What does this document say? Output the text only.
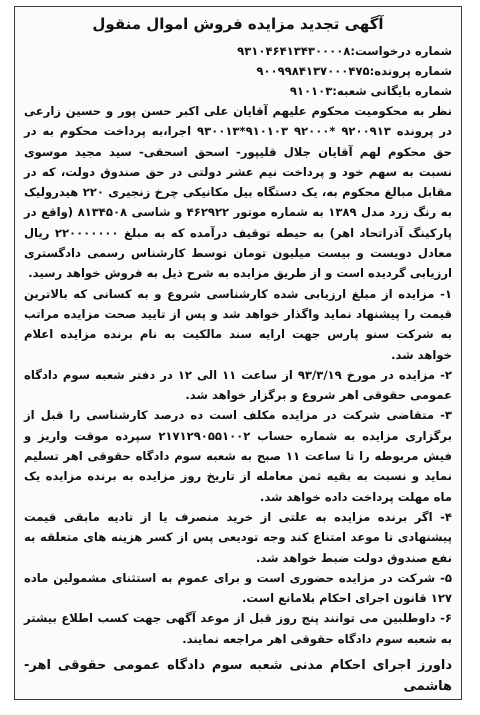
آگهی تجدید مزایده فروش اموال منقول
شماره درخواست:۹۳۱۰۴۶۴۱۳۴۳۰۰۰۰۸
شماره پرونده:۹۰۰۹۹۸۴۱۳۷۰۰۰۴۷۵
شماره بایگانی شعبه:۹۱۰۱۰۳

نظر به محکومیت محکوم علیهم آقایان علی اکبر حسن پور و حسین زارعی در پرونده ۹۲۰۰۹۱۳ *۹۲۰۰۰ ۹۱۰۱۰۳*۹۳۰۰۱۳ اجرا،به پرداخت محکوم به در حق محکوم لهم آقایان جلال قلیپور- اسحق اسحقی- سید مجید موسوی نسبت به سهم خود و پرداخت نیم عشر دولتی در حق صندوق دولت، که در مقابل مبالغ محکوم به، یک دستگاه بیل مکانیکی چرخ زنجیری ۲۲۰ هیدرولیک به رنگ زرد مدل ۱۳۸۹ به شماره موتور ۴۶۲۹۲۲ و شاسی ۸۱۳۴۵۰۸ (واقع در پارکینگ آذراتحاد اهر) به حیطه توقیف درآمده که به مبلغ ۲۲۰۰۰۰۰۰۰ ریال معادل دویست و بیست میلیون تومان توسط کارشناس رسمی دادگستری ارزیابی گردیده است و از طریق مزایده به شرح ذیل به فروش خواهد رسید.

۱- مزایده از مبلغ ارزیابی شده کارشناسی شروع و به کسانی که بالاترین قیمت را پیشنهاد نماید واگذار خواهد شد و پس از تایید صحت مزایده مراتب به شرکت سنو پارس جهت ارایه سند مالکیت به نام برنده مزایده اعلام خواهد شد.

۲- مزایده در مورخ ۹۳/۳/۱۹ از ساعت ۱۱ الی ۱۲ در دفتر شعبه سوم دادگاه عمومی حقوقی اهر شروع و برگزار خواهد شد.

۳- متقاضی شرکت در مزایده مکلف است ده درصد کارشناسی را قبل از برگزاری مزایده به شماره حساب ۲۱۷۱۲۹۰۵۵۱۰۰۲ سپرده موقت واریز و فیش مربوطه را تا ساعت ۱۱ صبح به شعبه سوم دادگاه حقوقی اهر تسلیم نماید و نسبت به بقیه ثمن معامله از تاریخ روز مزایده به برنده مزایده یک ماه مهلت پرداخت داده خواهد شد.

۴- اگر برنده مزایده به علتی از خرید منصرف یا از تادیه مابقی قیمت پیشنهادی تا موعد امتناع کند وجه تودیعی پس از کسر هزینه های متعلقه به نفع صندوق دولت ضبط خواهد شد.

۵- شرکت در مزایده حضوری است و برای عموم به استثنای مشمولین ماده ۱۲۷ قانون اجرای احکام بلامانع است.

۶- داوطلبین می توانند پنج روز قبل از موعد آگهی جهت کسب اطلاع بیشتر به شعبه سوم دادگاه حقوقی اهر مراجعه نمایند.

داورز اجرای احکام مدنی شعبه سوم دادگاه عمومی حقوقی اهر- هاشمی
